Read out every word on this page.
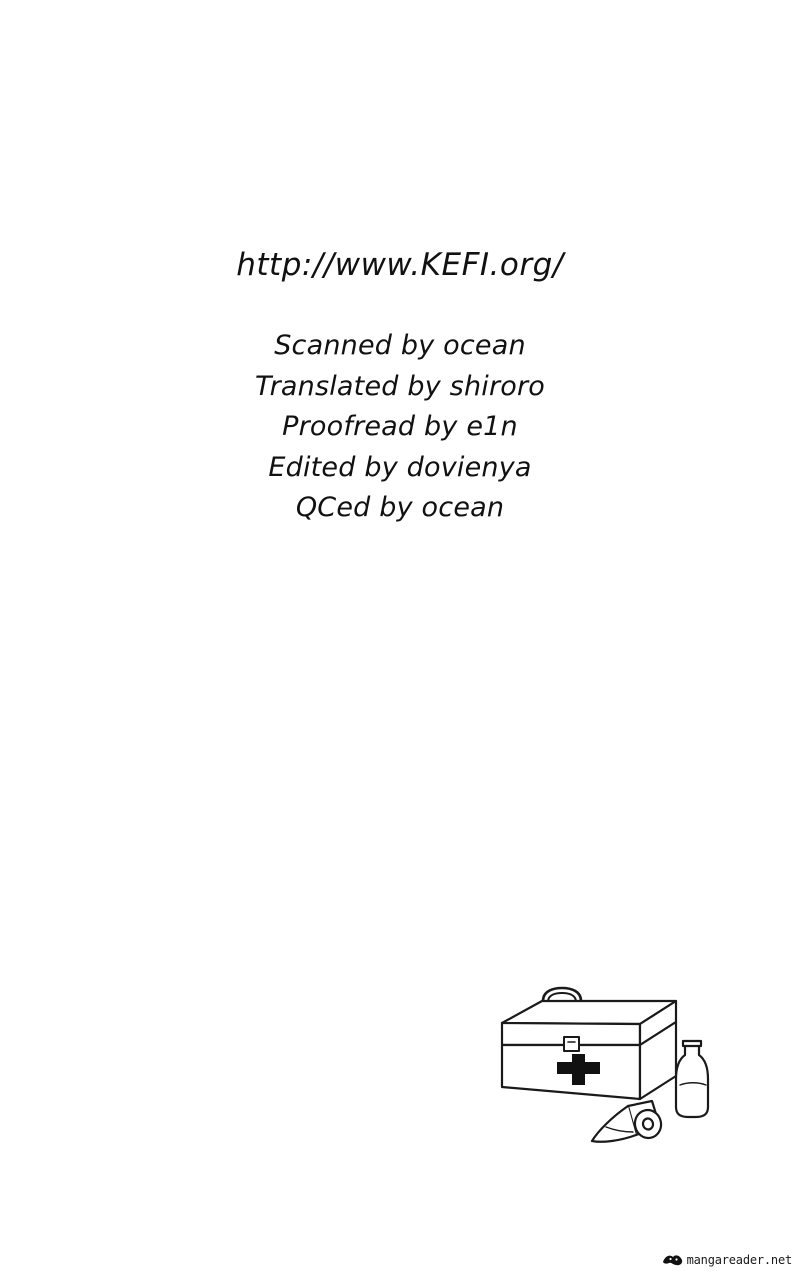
http://www.KEFI.org/
Scanned by ocean
Translated by shiroro
Proofread by e1n
Edited by dovienya
QCed by ocean
mangareader.net
